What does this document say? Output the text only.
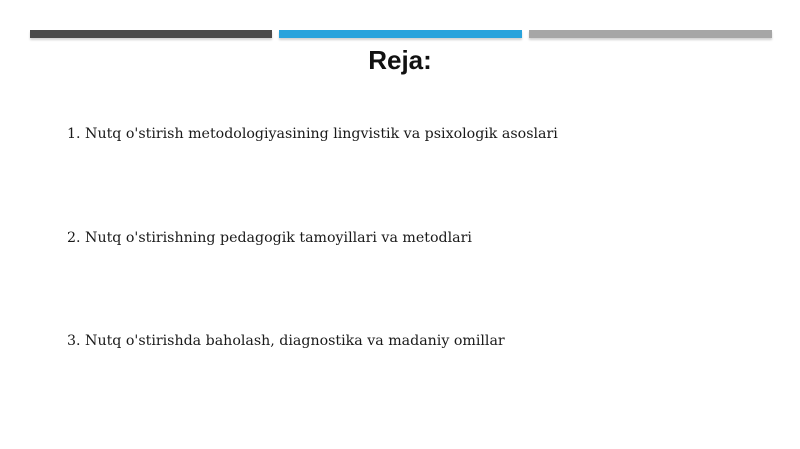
Reja:
1. Nutq o'stirish metodologiyasining lingvistik va psixologik asoslari
2. Nutq o'stirishning pedagogik tamoyillari va metodlari
3. Nutq o'stirishda baholash, diagnostika va madaniy omillar
